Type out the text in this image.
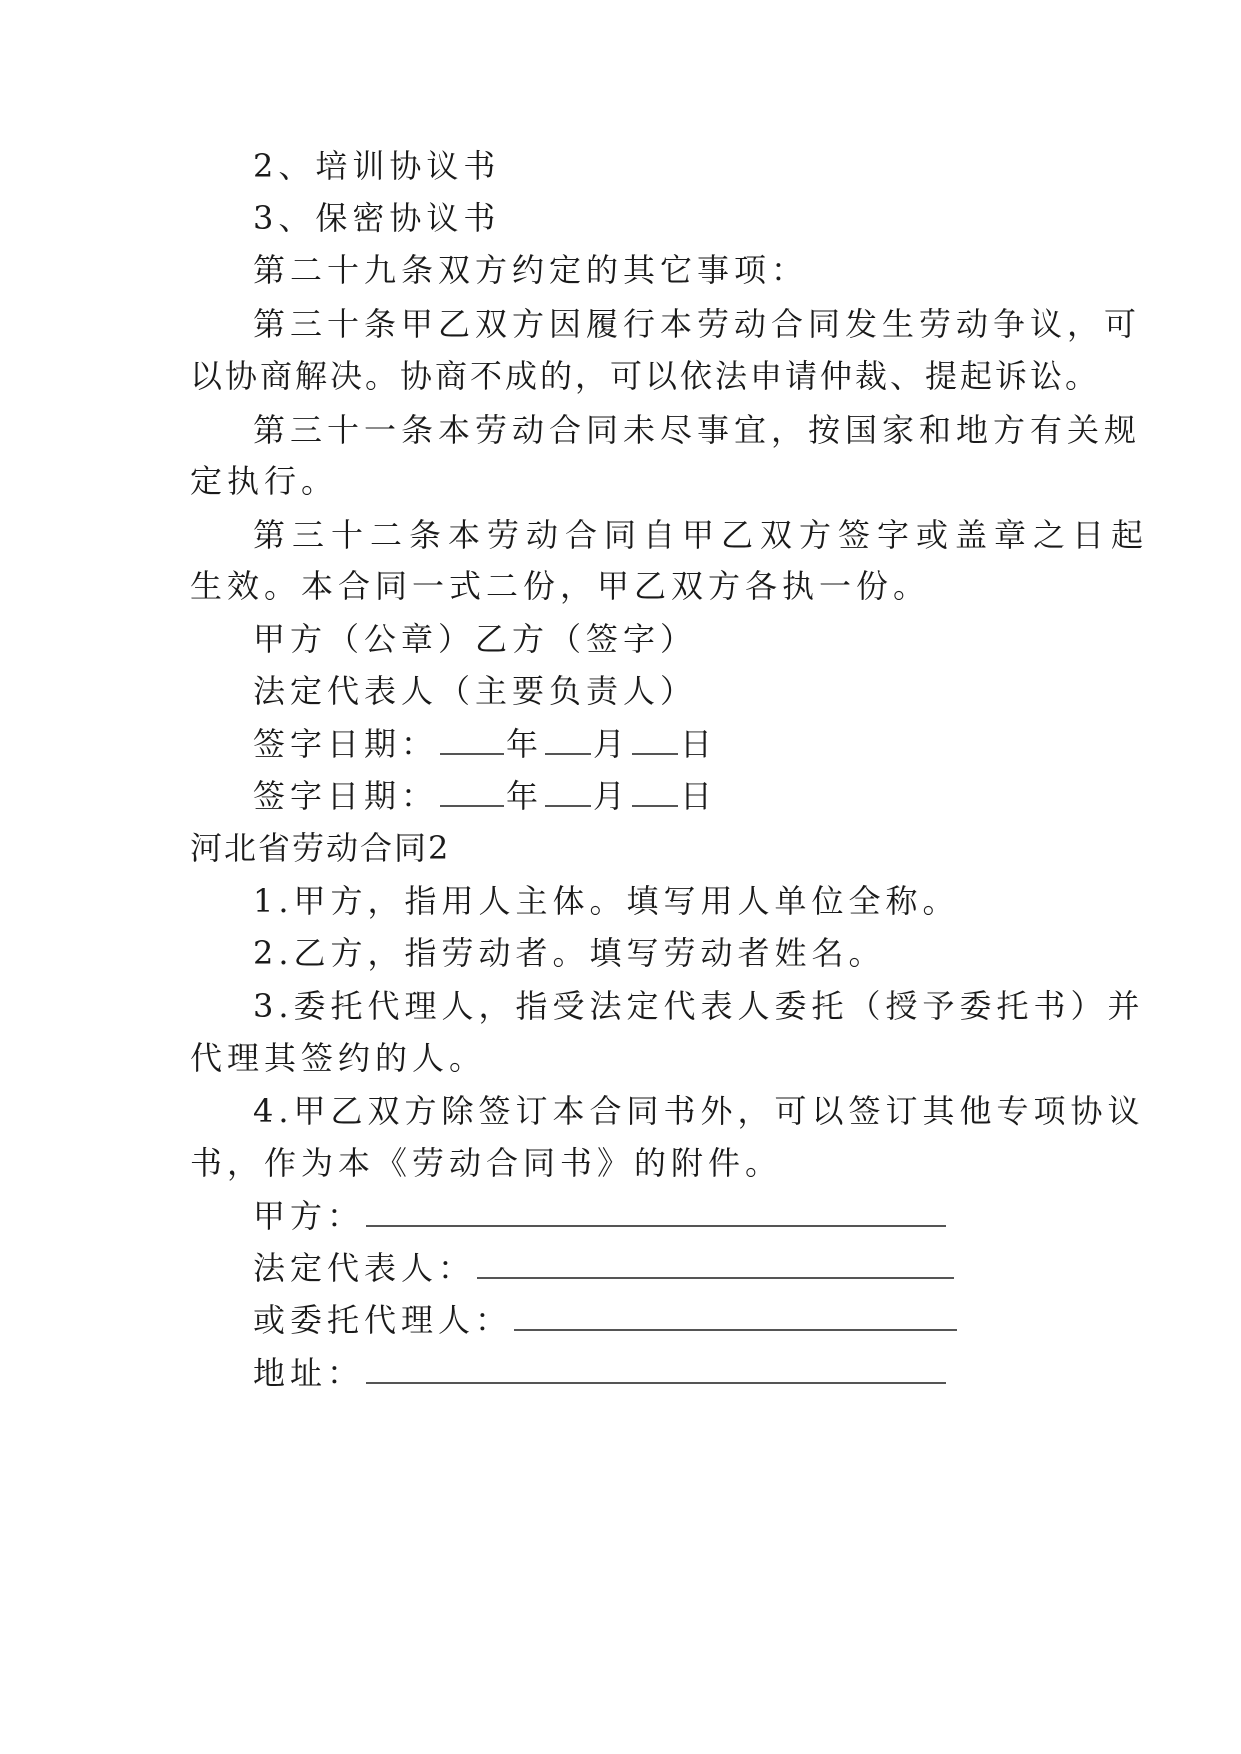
2、培训协议书
3、保密协议书
第二十九条双方约定的其它事项：
第三十条甲乙双方因履行本劳动合同发生劳动争议，可
以协商解决。协商不成的，可以依法申请仲裁、提起诉讼。
第三十一条本劳动合同未尽事宜，按国家和地方有关规
定执行。
第三十二条本劳动合同自甲乙双方签字或盖章之日起
生效。本合同一式二份，甲乙双方各执一份。
甲方（公章）乙方（签字）
法定代表人（主要负责人）
签字日期： 年 月 日
签字日期： 年 月 日
河北省劳动合同2
1.甲方，指用人主体。填写用人单位全称。
2.乙方，指劳动者。填写劳动者姓名。
3.委托代理人，指受法定代表人委托（授予委托书）并
代理其签约的人。
4.甲乙双方除签订本合同书外，可以签订其他专项协议
书，作为本《劳动合同书》的附件。
甲方：
法定代表人：
或委托代理人：
地址：
